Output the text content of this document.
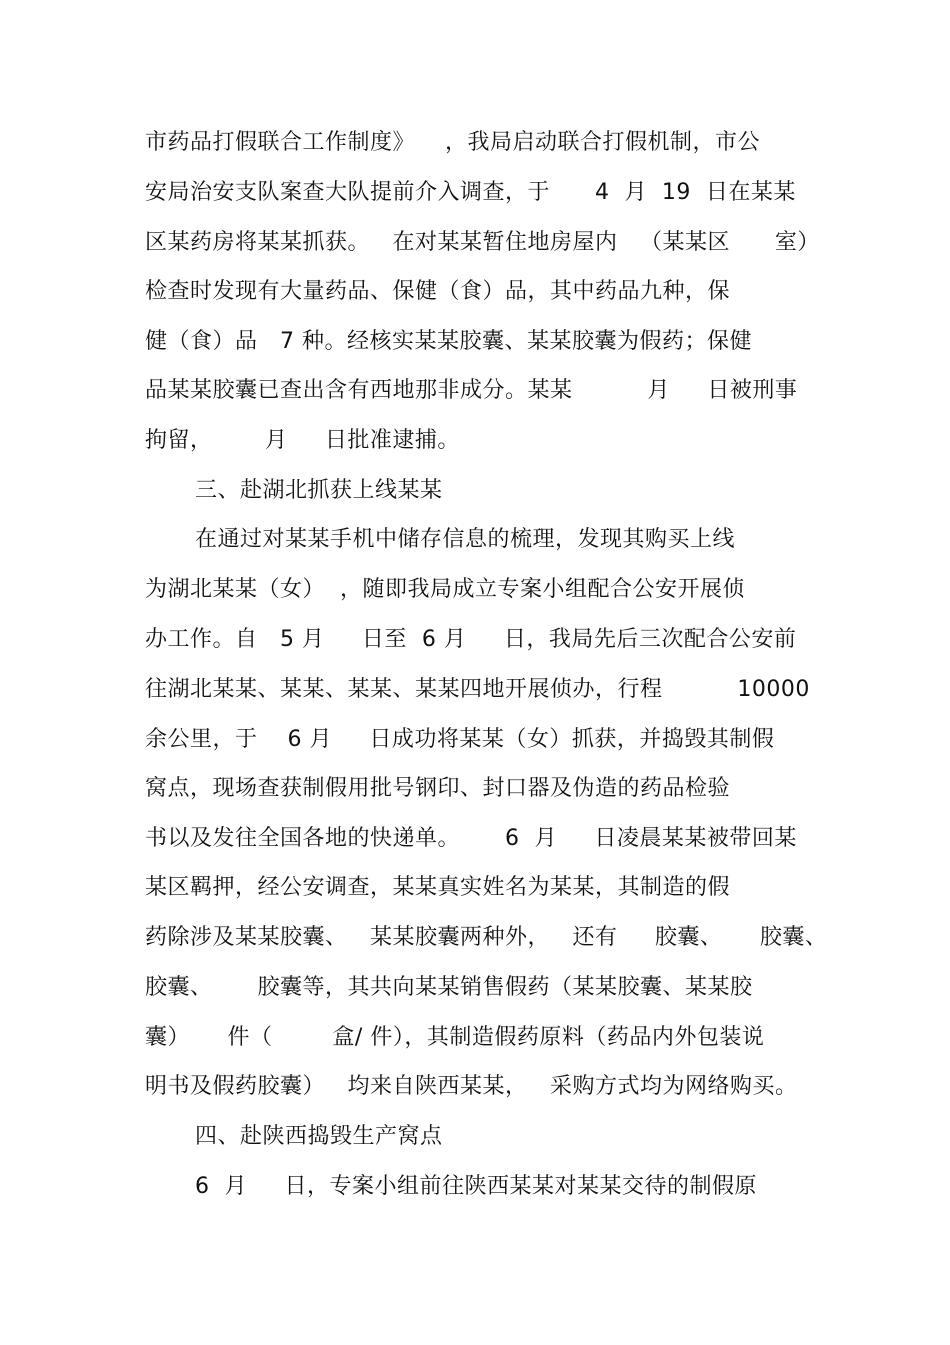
市药品打假联合工作制度》    ，我局启动联合打假机制，市公
安局治安支队案查大队提前介入调查，于      4  月  19  日在某某
区某药房将某某抓获。   在对某某暂住地房屋内   （某某区      室）
检查时发现有大量药品、保健（食）品，其中药品九种，保
健（食）品   7 种。经核实某某胶囊、某某胶囊为假药；保健
品某某胶囊已查出含有西地那非成分。某某          月     日被刑事
拘留，       月     日批准逮捕。
三、赴湖北抓获上线某某
在通过对某某手机中储存信息的梳理，发现其购买上线
为湖北某某（女）  ，随即我局成立专案小组配合公安开展侦
办工作。自   5 月     日至  6 月     日，我局先后三次配合公安前
往湖北某某、某某、某某、某某四地开展侦办，行程          10000
余公里，于    6 月     日成功将某某（女）抓获，并捣毁其制假
窝点，现场查获制假用批号钢印、封口器及伪造的药品检验
书以及发往全国各地的快递单。      6  月     日凌晨某某被带回某
某区羁押，经公安调查，某某真实姓名为某某，其制造的假
药除涉及某某胶囊、   某某胶囊两种外，   还有     胶囊、     胶囊、
胶囊、      胶囊等，其共向某某销售假药（某某胶囊、某某胶
囊）     件（        盒/ 件），其制造假药原料（药品内外包装说
明书及假药胶囊）   均来自陕西某某，   采购方式均为网络购买。
四、赴陕西捣毁生产窝点
6  月     日，专案小组前往陕西某某对某某交待的制假原
